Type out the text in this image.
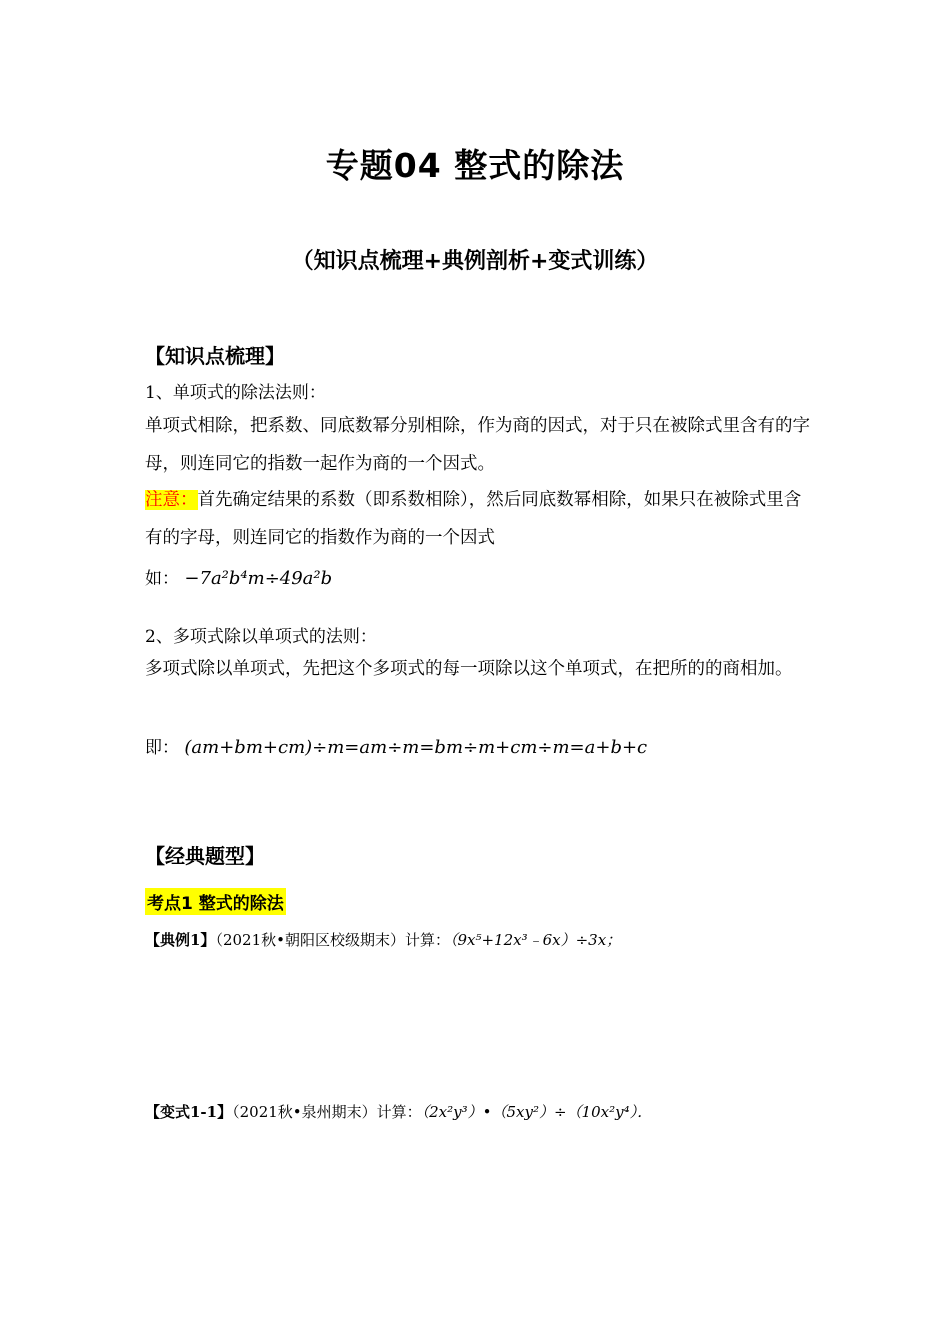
专题04 整式的除法
（知识点梳理+典例剖析+变式训练）
【知识点梳理】
1、单项式的除法法则：
单项式相除，把系数、同底数幂分别相除，作为商的因式，对于只在被除式里含有的字母，则连同它的指数一起作为商的一个因式。
注意：首先确定结果的系数（即系数相除），然后同底数幂相除，如果只在被除式里含有的字母，则连同它的指数作为商的一个因式
如： −7a²b⁴m÷49a²b
2、多项式除以单项式的法则：
多项式除以单项式，先把这个多项式的每一项除以这个单项式，在把所的的商相加。
即： (am+bm+cm)÷m=am÷m=bm÷m+cm÷m=a+b+c
【经典题型】
考点1 整式的除法
【典例1】（2021秋•朝阳区校级期末）计算：（9x⁵+12x³﹣6x）÷3x；
【变式1-1】（2021秋•泉州期末）计算：（2x²y³）•（5xy²）÷（10x²y⁴）．
